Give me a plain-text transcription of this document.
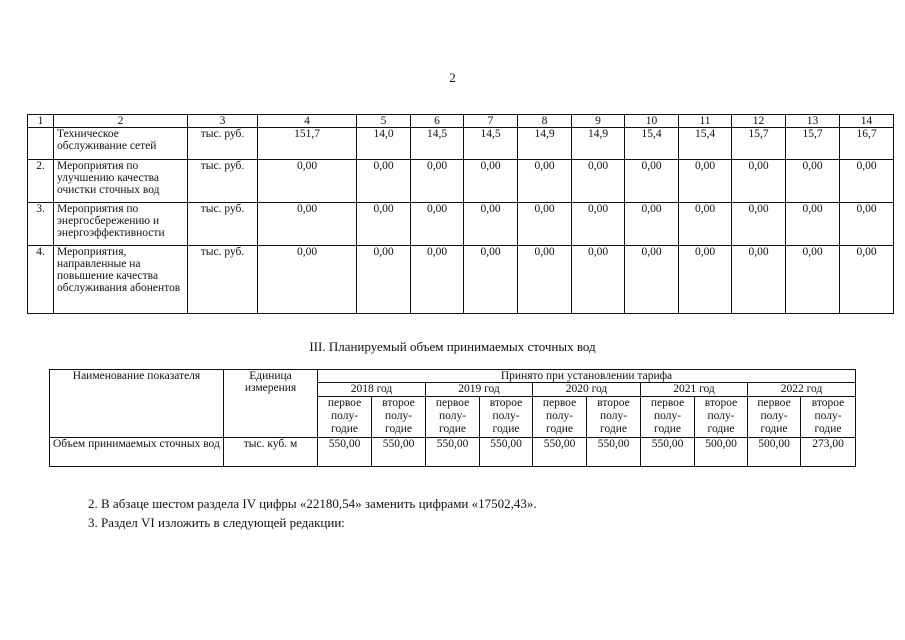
2
1	2	3	4	5	6	7	8	9	10	11	12	13	14
	Техническое обслуживание сетей	тыс. руб.	151,7	14,0	14,5	14,5	14,9	14,9	15,4	15,4	15,7	15,7	16,7
2.	Мероприятия по улучшению качества очистки сточных вод	тыс. руб.	0,00	0,00	0,00	0,00	0,00	0,00	0,00	0,00	0,00	0,00	0,00
3.	Мероприятия по энергосбережению и энергоэффективности	тыс. руб.	0,00	0,00	0,00	0,00	0,00	0,00	0,00	0,00	0,00	0,00	0,00
4.	Мероприятия, направленные на повышение качества обслуживания абонентов	тыс. руб.	0,00	0,00	0,00	0,00	0,00	0,00	0,00	0,00	0,00	0,00	0,00
III. Планируемый объем принимаемых сточных вод
Наименование показателя	Единица измерения	Принято при установлении тарифа									
		2018 год		2019 год		2020 год		2021 год		2022 год	
		первое полу-годие	второе полу-годие	первое полу-годие	второе полу-годие	первое полу-годие	второе полу-годие	первое полу-годие	второе полу-годие	первое полу-годие	второе полу-годие
Объем принимаемых сточных вод	тыс. куб. м	550,00	550,00	550,00	550,00	550,00	550,00	550,00	500,00	500,00	273,00

2. В абзаце шестом раздела IV цифры «22180,54» заменить цифрами «17502,43».

3. Раздел VI изложить в следующей редакции:
